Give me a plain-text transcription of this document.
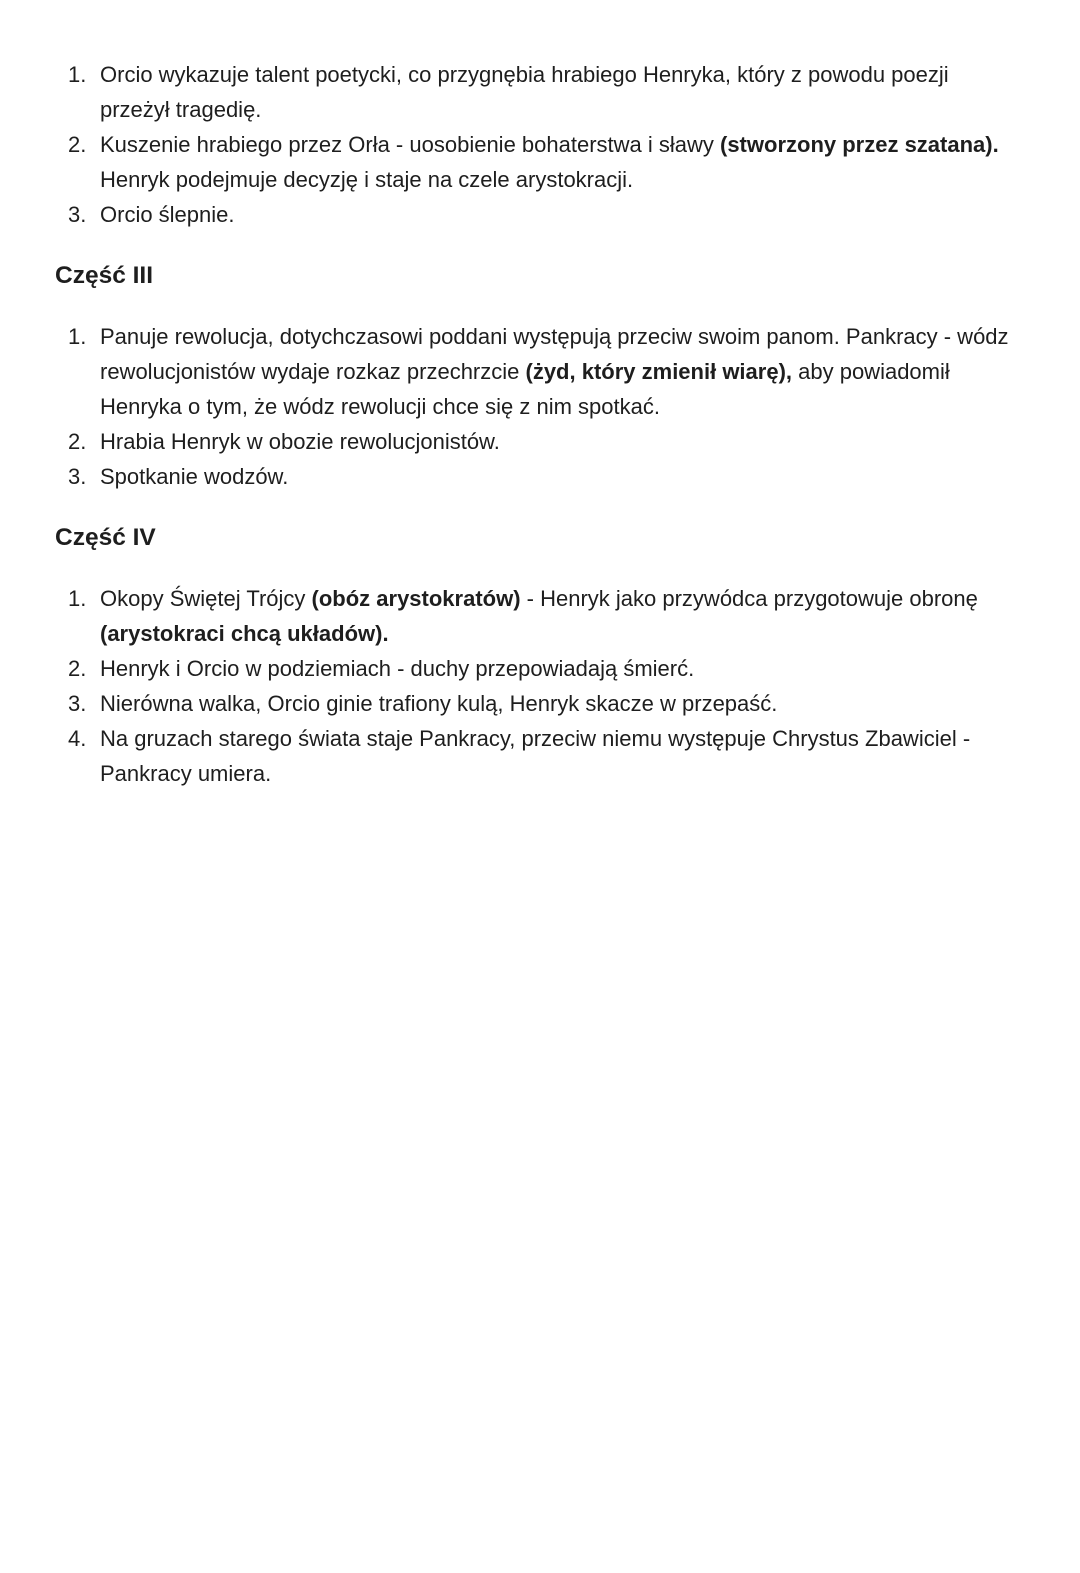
1. Orcio wykazuje talent poetycki, co przygnębia hrabiego Henryka, który z powodu poezji przeżył tragedię.
2. Kuszenie hrabiego przez Orła - uosobienie bohaterstwa i sławy (stworzony przez szatana). Henryk podejmuje decyzję i staje na czele arystokracji.
3. Orcio ślepnie.
Część III
1. Panuje rewolucja, dotychczasowi poddani występują przeciw swoim panom. Pankracy - wódz rewolucjonistów wydaje rozkaz przechrzcie (żyd, który zmienił wiarę), aby powiadomił Henryka o tym, że wódz rewolucji chce się z nim spotkać.
2. Hrabia Henryk w obozie rewolucjonistów.
3. Spotkanie wodzów.
Część IV
1. Okopy Świętej Trójcy (obóz arystokratów) - Henryk jako przywódca przygotowuje obronę (arystokraci chcą układów).
2. Henryk i Orcio w podziemiach - duchy przepowiadają śmierć.
3. Nierówna walka, Orcio ginie trafiony kulą, Henryk skacze w przepaść.
4. Na gruzach starego świata staje Pankracy, przeciw niemu występuje Chrystus Zbawiciel - Pankracy umiera.
